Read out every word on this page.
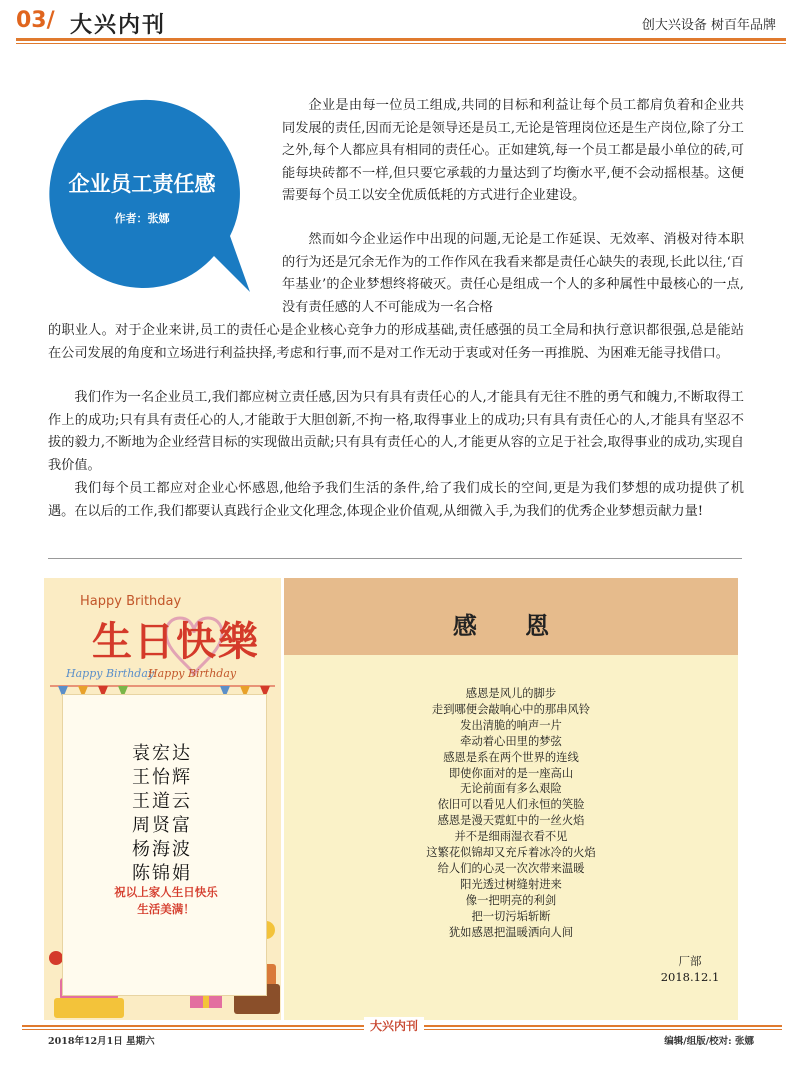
03/ 大兴内刊	创大兴设备 树百年品牌
企业员工责任感
作者：张娜
企业是由每一位员工组成,共同的目标和利益让每个员工都肩负着和企业共同发展的责任,因而无论是领导还是员工,无论是管理岗位还是生产岗位,除了分工之外,每个人都应具有相同的责任心。正如建筑,每一个员工都是最小单位的砖,可能每块砖都不一样,但只要它承载的力量达到了均衡水平,便不会动摇根基。这便需要每个员工以安全优质低耗的方式进行企业建设。
然而如今企业运作中出现的问题,无论是工作延误、无效率、消极对待本职的行为还是冗余无作为的工作作风在我看来都是责任心缺失的表现,长此以往,‘百年基业’的企业梦想终将破灭。责任心是组成一个人的多种属性中最核心的一点,没有责任感的人不可能成为一名合格
的职业人。对于企业来讲,员工的责任心是企业核心竞争力的形成基础,责任感强的员工全局和执行意识都很强,总是能站在公司发展的角度和立场进行利益抉择,考虑和行事,而不是对工作无动于衷或对任务一再推脱、为困难无能寻找借口。
我们作为一名企业员工,我们都应树立责任感,因为只有具有责任心的人,才能具有无往不胜的勇气和魄力,不断取得工作上的成功;只有具有责任心的人,才能敢于大胆创新,不拘一格,取得事业上的成功;只有具有责任心的人,才能具有坚忍不拔的毅力,不断地为企业经营目标的实现做出贡献;只有具有责任心的人,才能更从容的立足于社会,取得事业的成功,实现自我价值。
我们每个员工都应对企业心怀感恩,他给予我们生活的条件,给了我们成长的空间,更是为我们梦想的成功提供了机遇。在以后的工作,我们都要认真践行企业文化理念,体现企业价值观,从细微入手,为我们的优秀企业梦想贡献力量!
Happy Brithday
生日快樂
Happy Birthday
Happy Birthday
袁宏达
王怡辉
王道云
周贤富
杨海波
陈锦娟
祝以上家人生日快乐
生活美满！
感 恩
感恩是风儿的脚步
走到哪便会敲响心中的那串风铃
发出清脆的响声一片
牵动着心田里的梦弦
感恩是系在两个世界的连线
即使你面对的是一座高山
无论前面有多么艰险
依旧可以看见人们永恒的笑脸
感恩是漫天霓虹中的一丝火焰
并不是细雨湿衣看不见
这繁花似锦却又充斥着冰冷的火焰
给人们的心灵一次次带来温暖
阳光透过树缝射进来
像一把明亮的利剑
把一切污垢斩断
犹如感恩把温暖洒向人间
厂部
2018.12.1
2018年12月1日 星期六
大兴内刊
编辑/组版/校对: 张娜
